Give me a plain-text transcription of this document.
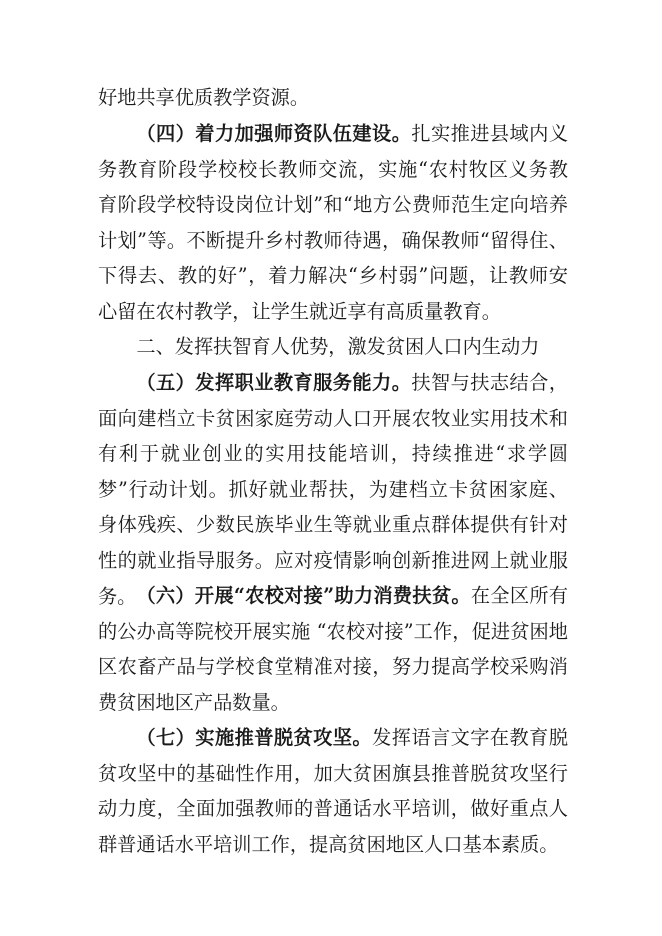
好地共享优质教学资源。

（四）着力加强师资队伍建设。扎实推进县域内义务教育阶段学校校长教师交流，实施“农村牧区义务教育阶段学校特设岗位计划”和“地方公费师范生定向培养计划”等。不断提升乡村教师待遇，确保教师“留得住、下得去、教的好”，着力解决“乡村弱”问题，让教师安心留在农村教学，让学生就近享有高质量教育。

二、发挥扶智育人优势，激发贫困人口内生动力

（五）发挥职业教育服务能力。扶智与扶志结合，面向建档立卡贫困家庭劳动人口开展农牧业实用技术和有利于就业创业的实用技能培训，持续推进“求学圆梦”行动计划。抓好就业帮扶，为建档立卡贫困家庭、身体残疾、少数民族毕业生等就业重点群体提供有针对性的就业指导服务。应对疫情影响创新推进网上就业服务。 （六）开展“农校对接”助力消费扶贫。在全区所有的公办高等院校开展实施 “农校对接”工作，促进贫困地区农畜产品与学校食堂精准对接，努力提高学校采购消费贫困地区产品数量。

（七）实施推普脱贫攻坚。发挥语言文字在教育脱贫攻坚中的基础性作用，加大贫困旗县推普脱贫攻坚行动力度，全面加强教师的普通话水平培训，做好重点人群普通话水平培训工作，提高贫困地区人口基本素质。
